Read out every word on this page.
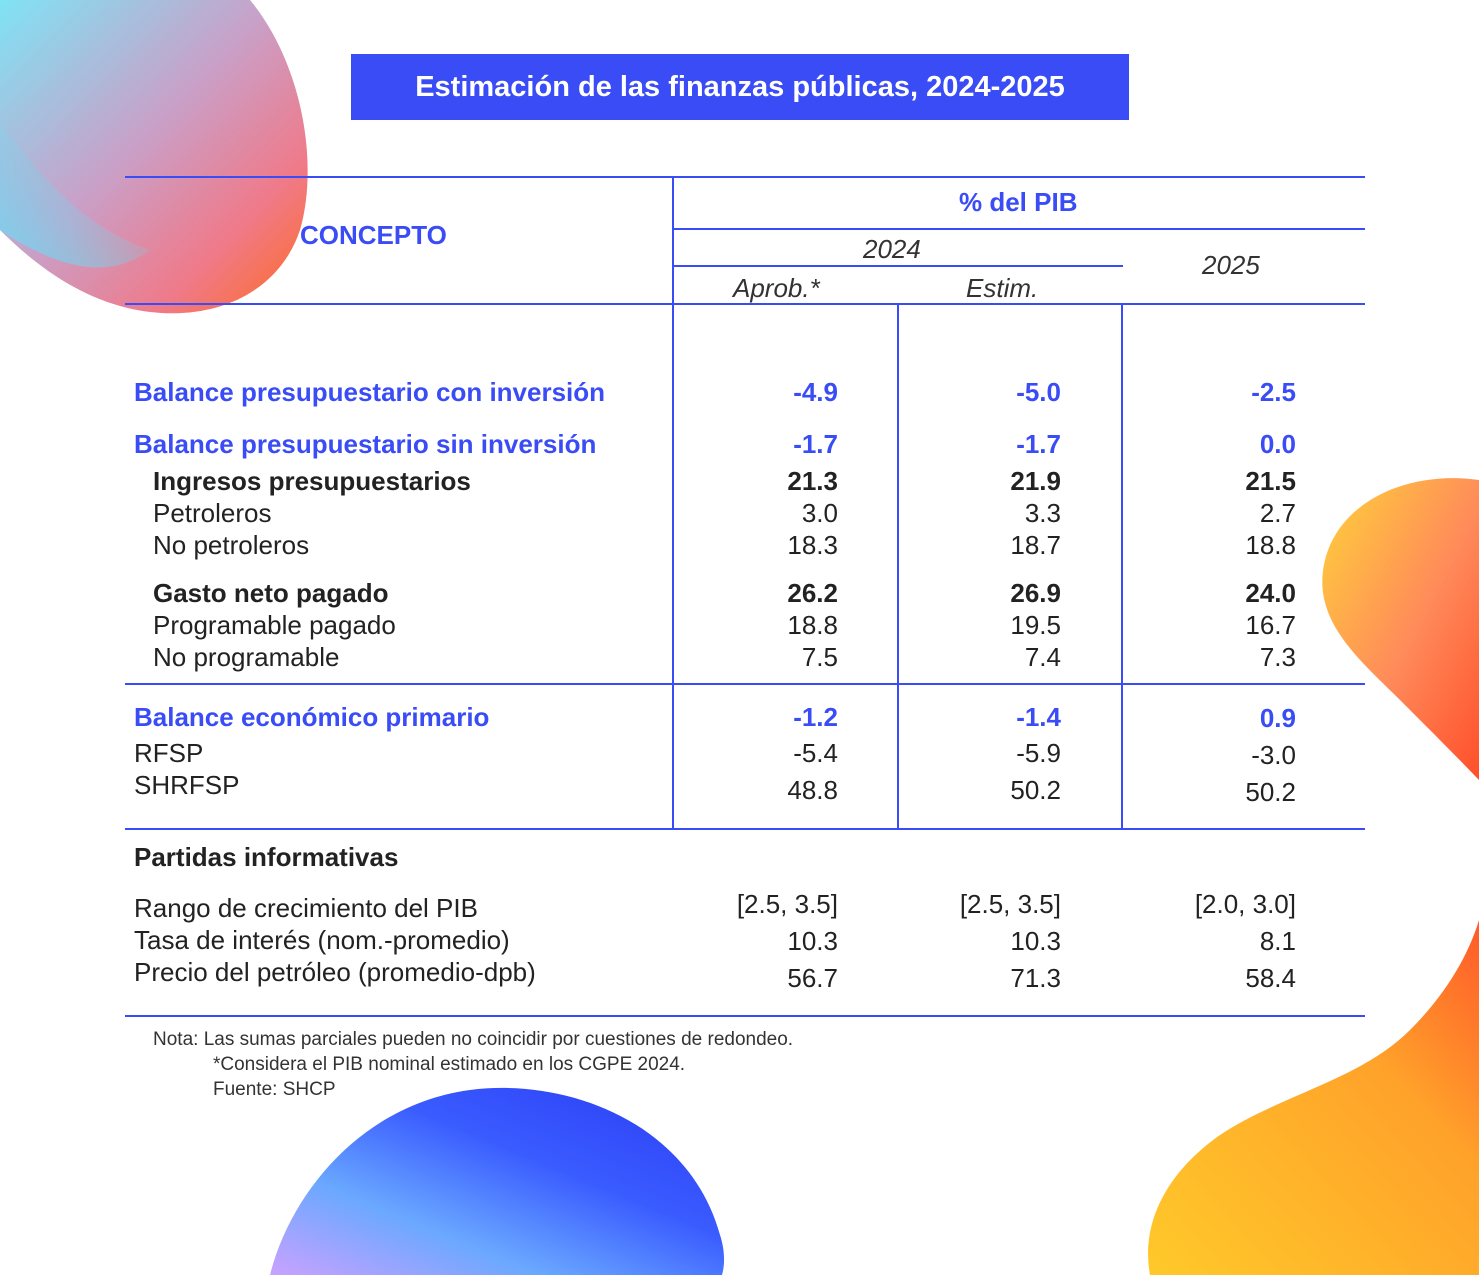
Estimación de las finanzas públicas, 2024-2025
CONCEPTO
% del PIB
2024
2025
Aprob.*	Estim.
Balance presupuestario con inversión	-4.9	-5.0	-2.5
Balance presupuestario sin inversión	-1.7	-1.7	0.0
Ingresos presupuestarios	21.3	21.9	21.5
Petroleros	3.0	3.3	2.7
No petroleros	18.3	18.7	18.8
Gasto neto pagado	26.2	26.9	24.0
Programable pagado	18.8	19.5	16.7
No programable	7.5	7.4	7.3
Balance económico primario	-1.2	-1.4	0.9
RFSP	-5.4	-5.9	-3.0
SHRFSP	48.8	50.2	50.2
Partidas informativas
Rango de crecimiento del PIB	[2.5, 3.5]	[2.5, 3.5]	[2.0, 3.0]
Tasa de interés (nom.-promedio)	10.3	10.3	8.1
Precio del petróleo (promedio-dpb)	56.7	71.3	58.4
Nota: Las sumas parciales pueden no coincidir por cuestiones de redondeo.
*Considera el PIB nominal estimado en los CGPE 2024.
Fuente: SHCP
